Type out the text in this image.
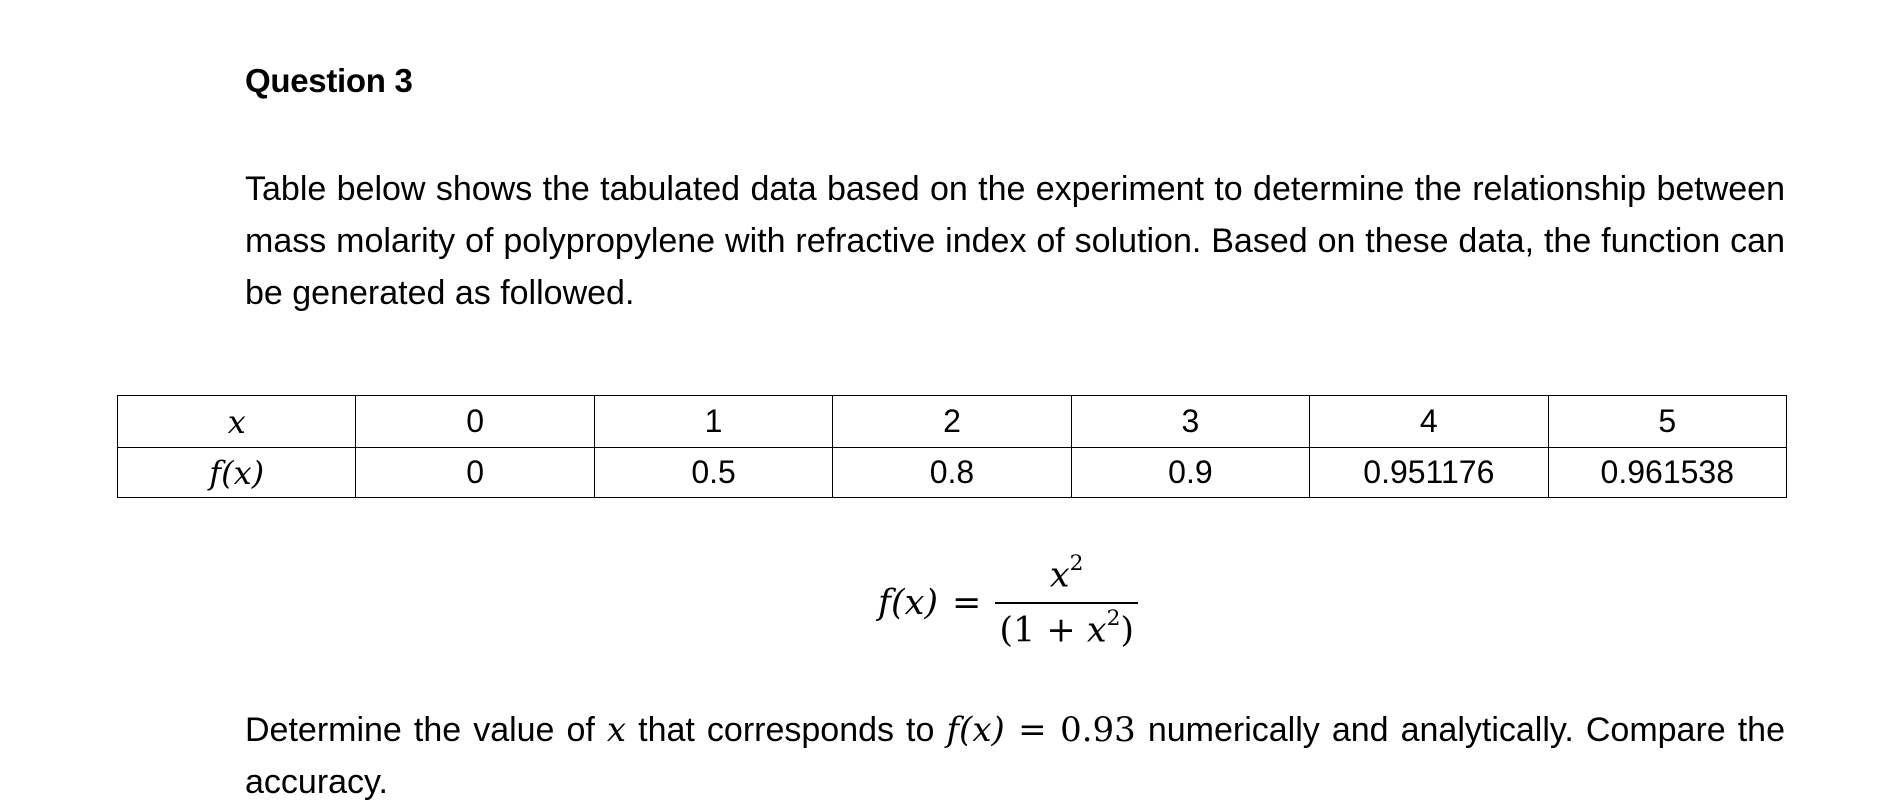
Question 3

Table below shows the tabulated data based on the experiment to determine the relationship between mass molarity of polypropylene with refractive index of solution. Based on these data, the function can be generated as followed.

x	0	1	2	3	4	5
f(x)	0	0.5	0.8	0.9	0.951176	0.961538
$f(x) = \frac{x^2}{(1 + x^2)}$

Determine the value of x that corresponds to f(x) = 0.93 numerically and analytically. Compare the accuracy.
